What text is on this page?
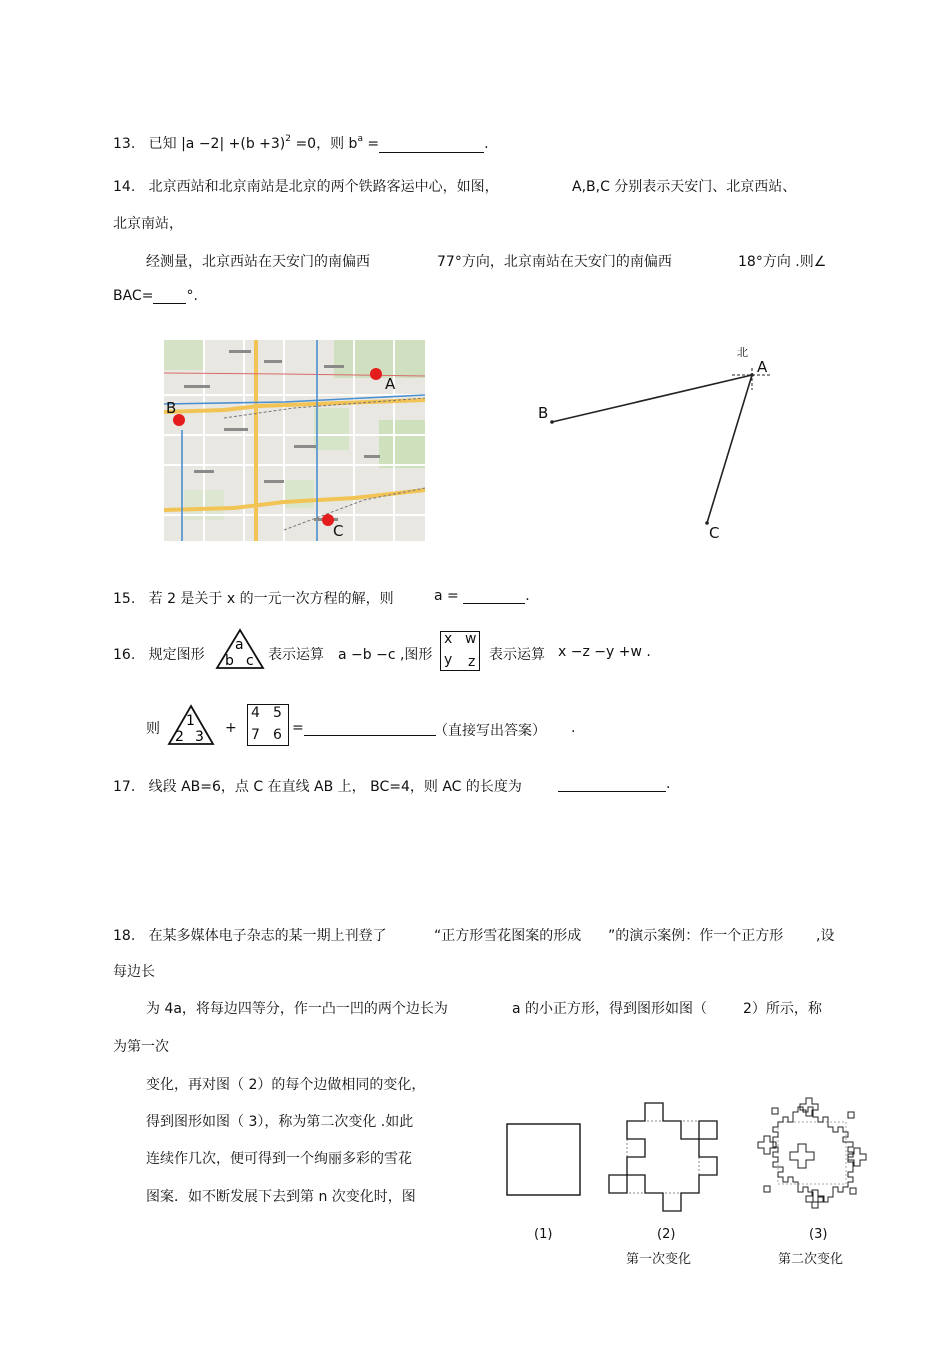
13. 已知 $|a -2| +(b +3)^2 =0$，则 $b^a$ =	.
14. 北京西站和北京南站是北京的两个铁路客运中心，如图，	A,B,C 分别表示天安门、北京西站、
北京南站，
经测量，北京西站在天安门的南偏西	77°方向，北京南站在天安门的南偏西	18°方向 .则∠
BAC= °.
A
B
C
北
A
B
C
15. 若 2 是关于 x 的一元一次方程的解，则	a =	.
16. 规定图形
a
b c 表示运算 a −b −c ,图形
x w
y z 表示运算 x −z −y +w .
则 1
2 3
+
4 5
7 6 =	（直接写出答案） .
17. 线段 AB=6，点 C 在直线 AB 上， BC=4，则 AC 的长度为	.
18. 在某多媒体电子杂志的某一期上刊登了	“正方形雪花图案的形成 ”的演示案例：作一个正方形 ,设
每边长
为 4a，将每边四等分，作一凸一凹的两个边长为	a 的小正方形，得到图形如图（	2）所示，称
为第一次
变化，再对图（ 2）的每个边做相同的变化，
得到图形如图（ 3），称为第二次变化 .如此
连续作几次，便可得到一个绚丽多彩的雪花
图案．如不断发展下去到第 n 次变化时，图
(1)	(2)	(3)
第一次变化	第二次变化
